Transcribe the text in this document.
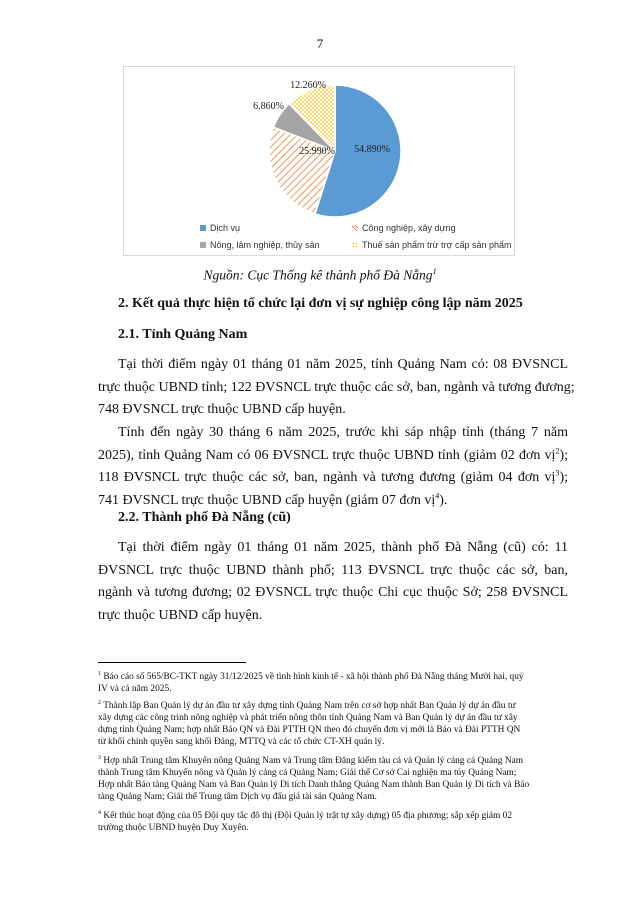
7
54.890%
25.990%
6.860%
12.260%
Dịch vụ	Công nghiệp, xây dựng
Nông, lâm nghiệp, thủy sản	Thuế sản phẩm trừ trợ cấp sản phẩm
Nguồn: Cục Thống kê thành phố Đà Nẵng$^1$
2. Kết quả thực hiện tổ chức lại đơn vị sự nghiệp công lập năm 2025
2.1. Tỉnh Quảng Nam
Tại thời điểm ngày 01 tháng 01 năm 2025, tỉnh Quảng Nam có: 08 ĐVSNCL
trực thuộc UBND tỉnh; 122 ĐVSNCL trực thuộc các sở, ban, ngành và tương đương;
748 ĐVSNCL trực thuộc UBND cấp huyện.
Tính đến ngày 30 tháng 6 năm 2025, trước khi sáp nhập tỉnh (tháng 7 năm
2025), tỉnh Quảng Nam có 06 ĐVSNCL trực thuộc UBND tỉnh (giảm 02 đơn vị$^2$);
118 ĐVSNCL trực thuộc các sở, ban, ngành và tương đương (giảm 04 đơn vị$^3$);
741 ĐVSNCL trực thuộc UBND cấp huyện (giảm 07 đơn vị$^4$).
2.2. Thành phố Đà Nẵng (cũ)
Tại thời điểm ngày 01 tháng 01 năm 2025, thành phố Đà Nẵng (cũ) có: 11
ĐVSNCL trực thuộc UBND thành phố; 113 ĐVSNCL trực thuộc các sở, ban,
ngành và tương đương; 02 ĐVSNCL trực thuộc Chi cục thuộc Sở; 258 ĐVSNCL
trực thuộc UBND cấp huyện.
$^1$ Báo cáo số 565/BC-TKT ngày 31/12/2025 về tình hình kinh tế - xã hội thành phố Đà Nẵng tháng Mười hai, quý
IV và cả năm 2025.
$^2$ Thành lập Ban Quản lý dự án đầu tư xây dựng tỉnh Quảng Nam trên cơ sở hợp nhất Ban Quản lý dự án đầu tư
xây dựng các công trình nông nghiệp và phát triển nông thôn tỉnh Quảng Nam và Ban Quản lý dự án đầu tư xây
dựng tỉnh Quảng Nam; hợp nhất Báo QN và Đài PTTH QN theo đó chuyển đơn vị mới là Báo và Đài PTTH QN
từ khối chính quyền sang khối Đảng, MTTQ và các tổ chức CT-XH quản lý.
$^3$ Hợp nhất Trung tâm Khuyến nông Quảng Nam và Trung tâm Đăng kiểm tàu cá và Quản lý cảng cá Quảng Nam
thành Trung tâm Khuyến nông và Quản lý cảng cá Quảng Nam; Giải thể Cơ sở Cai nghiện ma túy Quảng Nam;
Hợp nhất Bảo tàng Quảng Nam và Ban Quản lý Di tích Danh thắng Quảng Nam thành Ban Quản lý Di tích và Bảo
tàng Quảng Nam; Giải thể Trung tâm Dịch vụ đấu giá tài sản Quảng Nam.
$^4$ Kết thúc hoạt động của 05 Đội quy tắc đô thị (Đội Quản lý trật tự xây dựng) 05 địa phương; sắp xếp giảm 02
trường thuộc UBND huyện Duy Xuyên.
